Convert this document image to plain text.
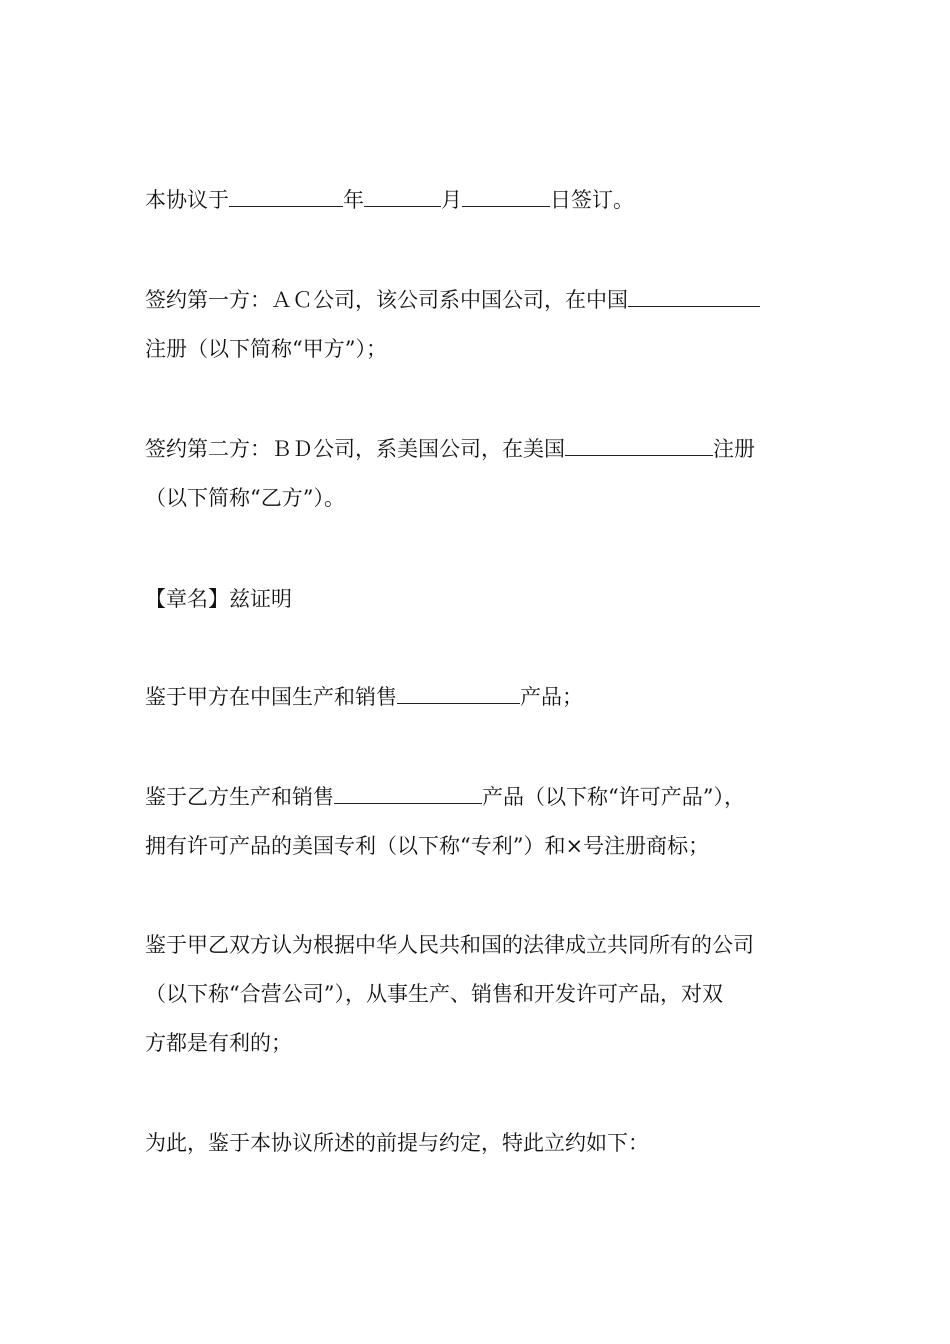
本协议于	年	月	日签订。
签约第一方：ＡＣ公司，该公司系中国公司，在中国
注册（以下简称“甲方”）；
签约第二方：ＢＤ公司，系美国公司，在美国	注册
（以下简称“乙方”）。
【章名】兹证明
鉴于甲方在中国生产和销售	产品；
鉴于乙方生产和销售	产品（以下称“许可产品”），
拥有许可产品的美国专利（以下称“专利”）和×号注册商标；
鉴于甲乙双方认为根据中华人民共和国的法律成立共同所有的公司
（以下称“合营公司”），从事生产、销售和开发许可产品，对双
方都是有利的；
为此，鉴于本协议所述的前提与约定，特此立约如下：
